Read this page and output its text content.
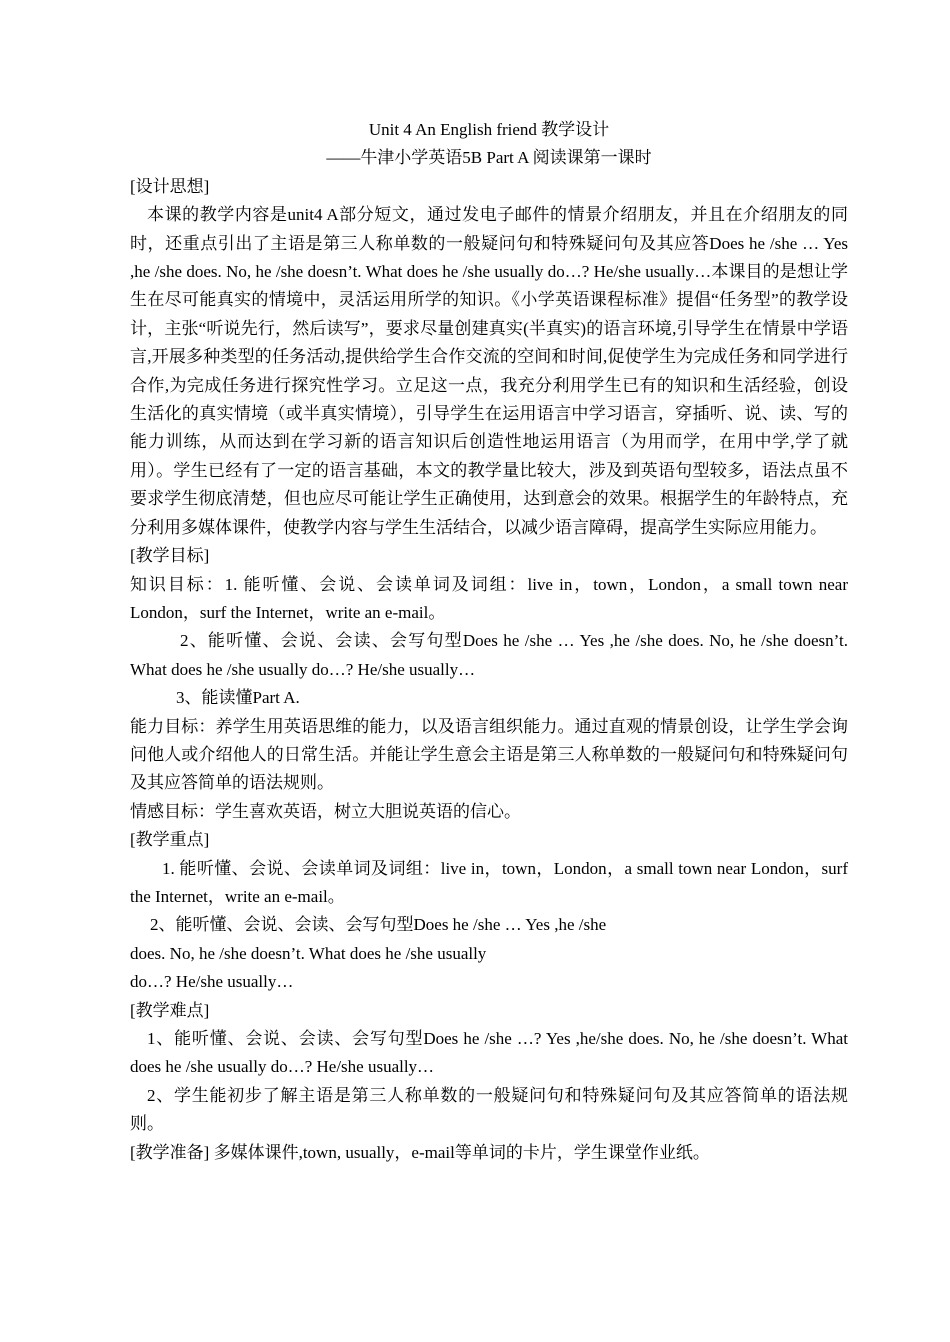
Unit 4 An English friend 教学设计

——牛津小学英语5B Part A 阅读课第一课时

[设计思想]

本课的教学内容是unit4 A部分短文，通过发电子邮件的情景介绍朋友，并且在介绍朋友的同时，还重点引出了主语是第三人称单数的一般疑问句和特殊疑问句及其应答Does he /she … Yes ,he /she does. No, he /she doesn’t. What does he /she usually do…? He/she usually…本课目的是想让学生在尽可能真实的情境中，灵活运用所学的知识。《小学英语课程标准》提倡“任务型”的教学设计，主张“听说先行，然后读写”，要求尽量创建真实(半真实)的语言环境,引导学生在情景中学语言,开展多种类型的任务活动,提供给学生合作交流的空间和时间,促使学生为完成任务和同学进行合作,为完成任务进行探究性学习。立足这一点，我充分利用学生已有的知识和生活经验，创设生活化的真实情境（或半真实情境），引导学生在运用语言中学习语言，穿插听、说、读、写的能力训练，从而达到在学习新的语言知识后创造性地运用语言（为用而学，在用中学,学了就用）。学生已经有了一定的语言基础，本文的教学量比较大，涉及到英语句型较多，语法点虽不要求学生彻底清楚，但也应尽可能让学生正确使用，达到意会的效果。根据学生的年龄特点，充分利用多媒体课件，使教学内容与学生生活结合，以减少语言障碍，提高学生实际应用能力。

[教学目标]

知识目标：1. 能听懂、会说、会读单词及词组：live in，town，London，a small town near London，surf the Internet，write an e-mail。

2、能听懂、会说、会读、会写句型Does he /she … Yes ,he /she does. No, he /she doesn’t. What does he /she usually do…? He/she usually…

3、能读懂Part A.

能力目标：养学生用英语思维的能力，以及语言组织能力。通过直观的情景创设，让学生学会询问他人或介绍他人的日常生活。并能让学生意会主语是第三人称单数的一般疑问句和特殊疑问句及其应答简单的语法规则。

情感目标：学生喜欢英语，树立大胆说英语的信心。

[教学重点]

1. 能听懂、会说、会读单词及词组：live in，town，London，a small town near London，surf the Internet，write an e-mail。

2、能听懂、会说、会读、会写句型Does he /she … Yes ,he /she

does. No, he /she doesn’t. What does he /she usually

do…? He/she usually…

[教学难点]

1、能听懂、会说、会读、会写句型Does he /she …? Yes ,he/she does. No, he /she doesn’t. What does he /she usually do…? He/she usually…

2、学生能初步了解主语是第三人称单数的一般疑问句和特殊疑问句及其应答简单的语法规则。

[教学准备] 多媒体课件,town, usually，e-mail等单词的卡片，学生课堂作业纸。
